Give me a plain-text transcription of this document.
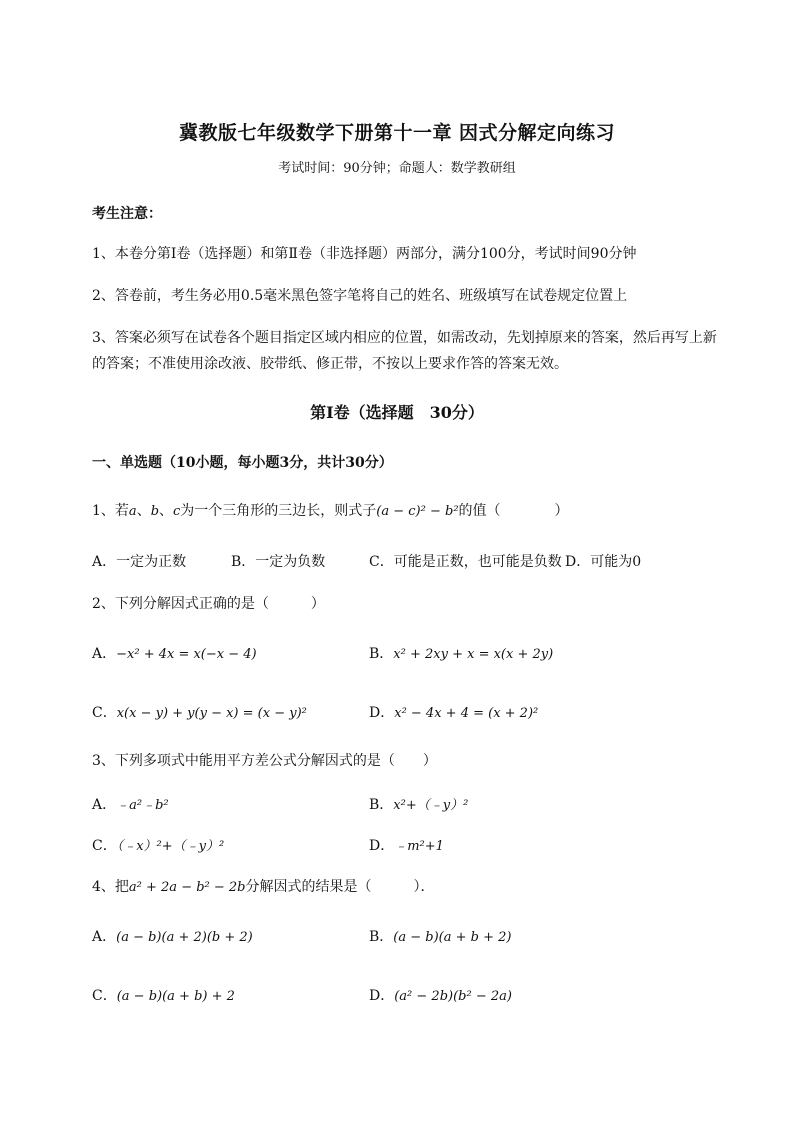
冀教版七年级数学下册第十一章 因式分解定向练习
考试时间：90分钟；命题人：数学教研组
考生注意：
1、本卷分第I卷（选择题）和第Ⅱ卷（非选择题）两部分，满分100分，考试时间90分钟
2、答卷前，考生务必用0.5毫米黑色签字笔将自己的姓名、班级填写在试卷规定位置上
3、答案必须写在试卷各个题目指定区域内相应的位置，如需改动，先划掉原来的答案，然后再写上新
的答案；不准使用涂改液、胶带纸、修正带，不按以上要求作答的答案无效。
第I卷（选择题　30分）
一、单选题（10小题，每小题3分，共计30分）
1、若a、b、c为一个三角形的三边长，则式子(a − c)² − b²的值（	）
A．一定为正数	B．一定为负数	C．可能是正数，也可能是负数 D．可能为0
2、下列分解因式正确的是（　　　）
A．−x² + 4x = x(−x − 4)	B．x² + 2xy + x = x(x + 2y)
C．x(x − y) + y(y − x) = (x − y)²	D．x² − 4x + 4 = (x + 2)²
3、下列多项式中能用平方差公式分解因式的是（　　）
A．﹣a²﹣b²	B．x²+（﹣y）²
C．（﹣x）²+（﹣y）²	D．﹣m²+1
4、把a² + 2a − b² − 2b分解因式的结果是（　　　）．
A．(a − b)(a + 2)(b + 2)	B．(a − b)(a + b + 2)
C．(a − b)(a + b) + 2	D．(a² − 2b)(b² − 2a)
